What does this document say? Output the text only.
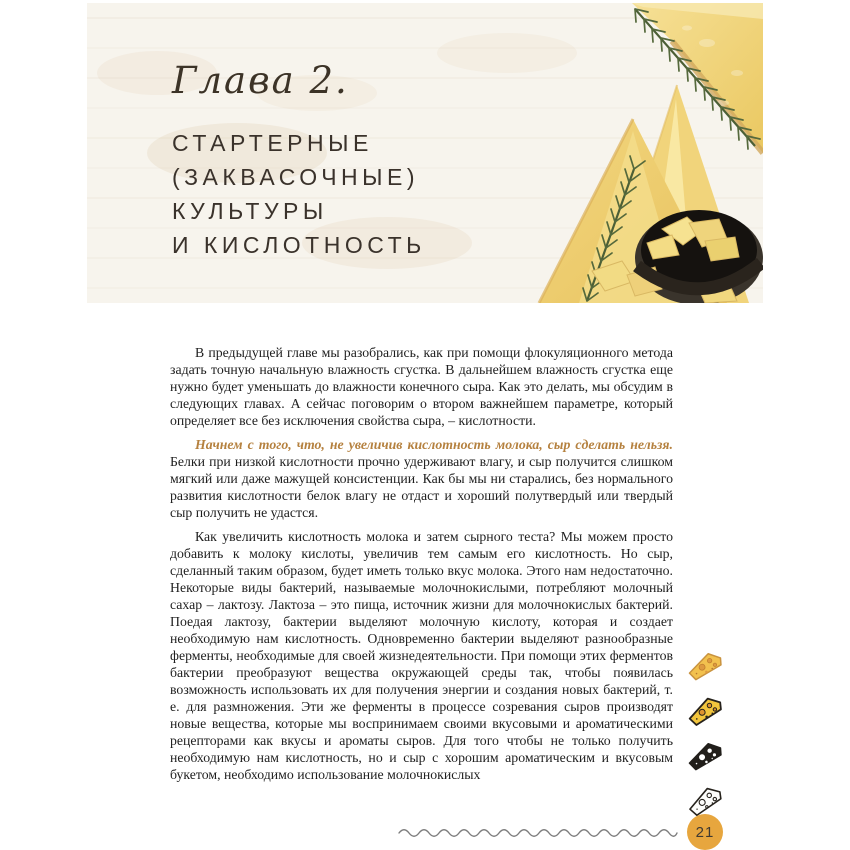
Глава 2.
СТАРТЕРНЫЕ
(ЗАКВАСОЧНЫЕ)
КУЛЬТУРЫ
И КИСЛОТНОСТЬ

В предыдущей главе мы разобрались, как при помощи флокуляционного метода задать точную начальную влажность сгустка. В дальнейшем влажность сгустка еще нужно будет уменьшать до влажности конечного сыра. Как это делать, мы обсудим в следующих главах. А сейчас поговорим о втором важнейшем параметре, который определяет все без исключения свойства сыра, – кислотности.

Начнем с того, что, не увеличив кислотность молока, сыр сделать нельзя. Белки при низкой кислотности прочно удерживают влагу, и сыр получится слишком мягкий или даже мажущей консистенции. Как бы мы ни старались, без нормального развития кислотности белок влагу не отдаст и хороший полутвердый или твердый сыр получить не удастся.

Как увеличить кислотность молока и затем сырного теста? Мы можем просто добавить к молоку кислоты, увеличив тем самым его кислотность. Но сыр, сделанный таким образом, будет иметь только вкус молока. Этого нам недостаточно. Некоторые виды бактерий, называемые молочнокислыми, потребляют молочный сахар – лактозу. Лактоза – это пища, источник жизни для молочнокислых бактерий. Поедая лактозу, бактерии выделяют молочную кислоту, которая и создает необходимую нам кислотность. Одновременно бактерии выделяют разнообразные ферменты, необходимые для своей жизнедеятельности. При помощи этих ферментов бактерии преобразуют вещества окружающей среды так, чтобы появилась возможность использовать их для получения энергии и создания новых бактерий, т. е. для размножения. Эти же ферменты в процессе созревания сыров производят новые вещества, которые мы воспринимаем своими вкусовыми и ароматическими рецепторами как вкусы и ароматы сыров. Для того чтобы не только получить необходимую нам кислотность, но и сыр с хорошим ароматическим и вкусовым букетом, необходимо использование молочнокислых

21
